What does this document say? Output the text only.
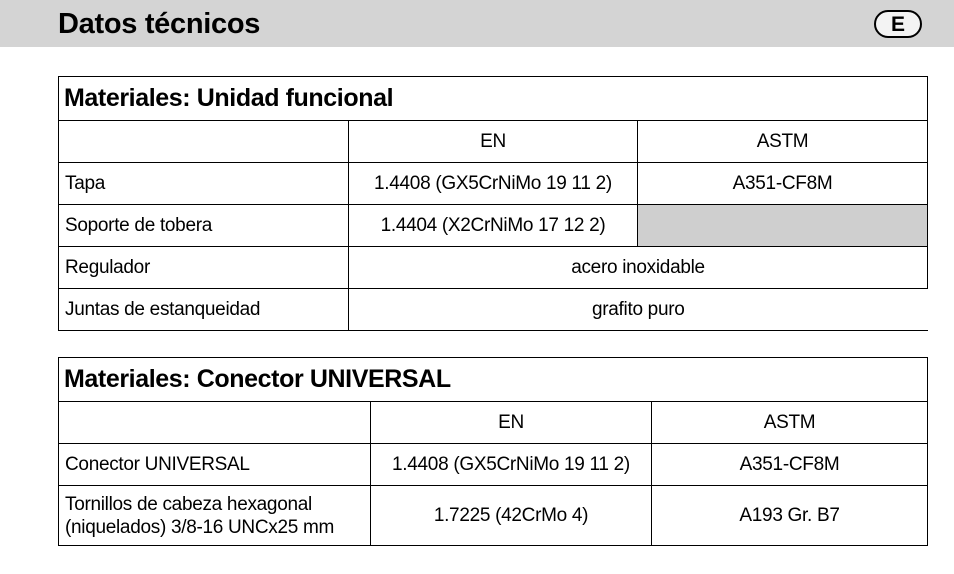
Datos técnicos	E
Materiales: Unidad funcional		
	EN	ASTM
Tapa	1.4408 (GX5CrNiMo 19 11 2)	A351-CF8M
Soporte de tobera	1.4404 (X2CrNiMo 17 12 2)	
Regulador	acero inoxidable	
Juntas de estanqueidad	grafito puro	
Materiales: Conector UNIVERSAL		
	EN	ASTM
Conector UNIVERSAL	1.4408 (GX5CrNiMo 19 11 2)	A351-CF8M

Tornillos de cabeza hexagonal
(niquelados) 3/8-16 UNCx25 mm	1.7225 (42CrMo 4)	A193 Gr. B7
